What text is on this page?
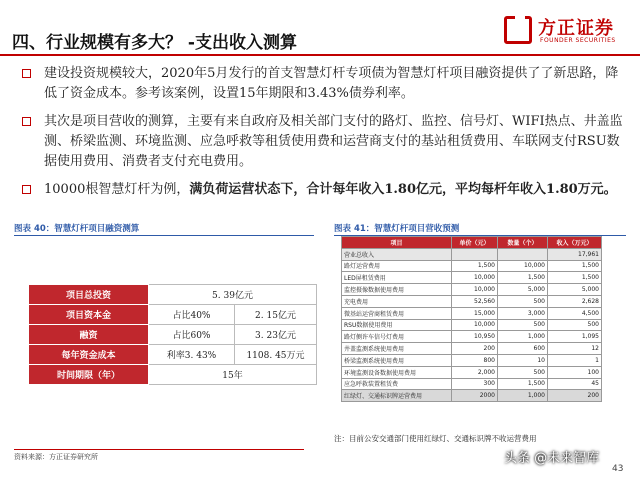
四、行业规模有多大？ -支出收入测算
方正证券
FOUNDER SECURITIES
建设投资规模较大，2020年5月发行的首支智慧灯杆专项债为智慧灯杆项目融资提供了了新思路，降低了资金成本。参考该案例，设置15年期限和3.43%债券利率。
其次是项目营收的测算，主要有来自政府及相关部门支付的路灯、监控、信号灯、WIFI热点、井盖监测、桥梁监测、环境监测、应急呼救等租赁使用费和运营商支付的基站租赁费用、车联网支付RSU数据使用费用、消费者支付充电费用。
10000根智慧灯杆为例，满负荷运营状态下，合计每年收入1.80亿元，平均每杆年收入1.80万元。
图表 40：智慧灯杆项目融资测算
项目总投资	5. 39亿元	
项目资本金	占比40%	2. 15亿元
融资	占比60%	3. 23亿元
每年资金成本	利率3. 43%	1108. 45万元
时间期限（年）	15年	
图表 41：智慧灯杆项目营收预测
项目	单价（元）	数量（个）	收入（万元）
营业总收入			17,961
路灯运营费用	1,500	10,000	1,500
LED屏租赁费用	10,000	1,500	1,500
监控摄像数据使用费用	10,000	5,000	5,000
充电费用	52,560	500	2,628
微基站运营商租赁费用	15,000	3,000	4,500
RSU数据使用费用	10,000	500	500
路灯侧许车信号灯费用	10,950	1,000	1,095
井盖监测系统使用费用	200	600	12
桥梁监测系统使用费用	800	10	1
环境监测设备数据使用费用	2,000	500	100
应急呼救装置租赁费	300	1,500	45
红绿灯、交通标识牌运营费用	2000	1,000	200
注：目前公安交通部门使用红绿灯、交通标识牌不收运营费用
资料来源：方正证券研究所	头条 @未来智库
43
